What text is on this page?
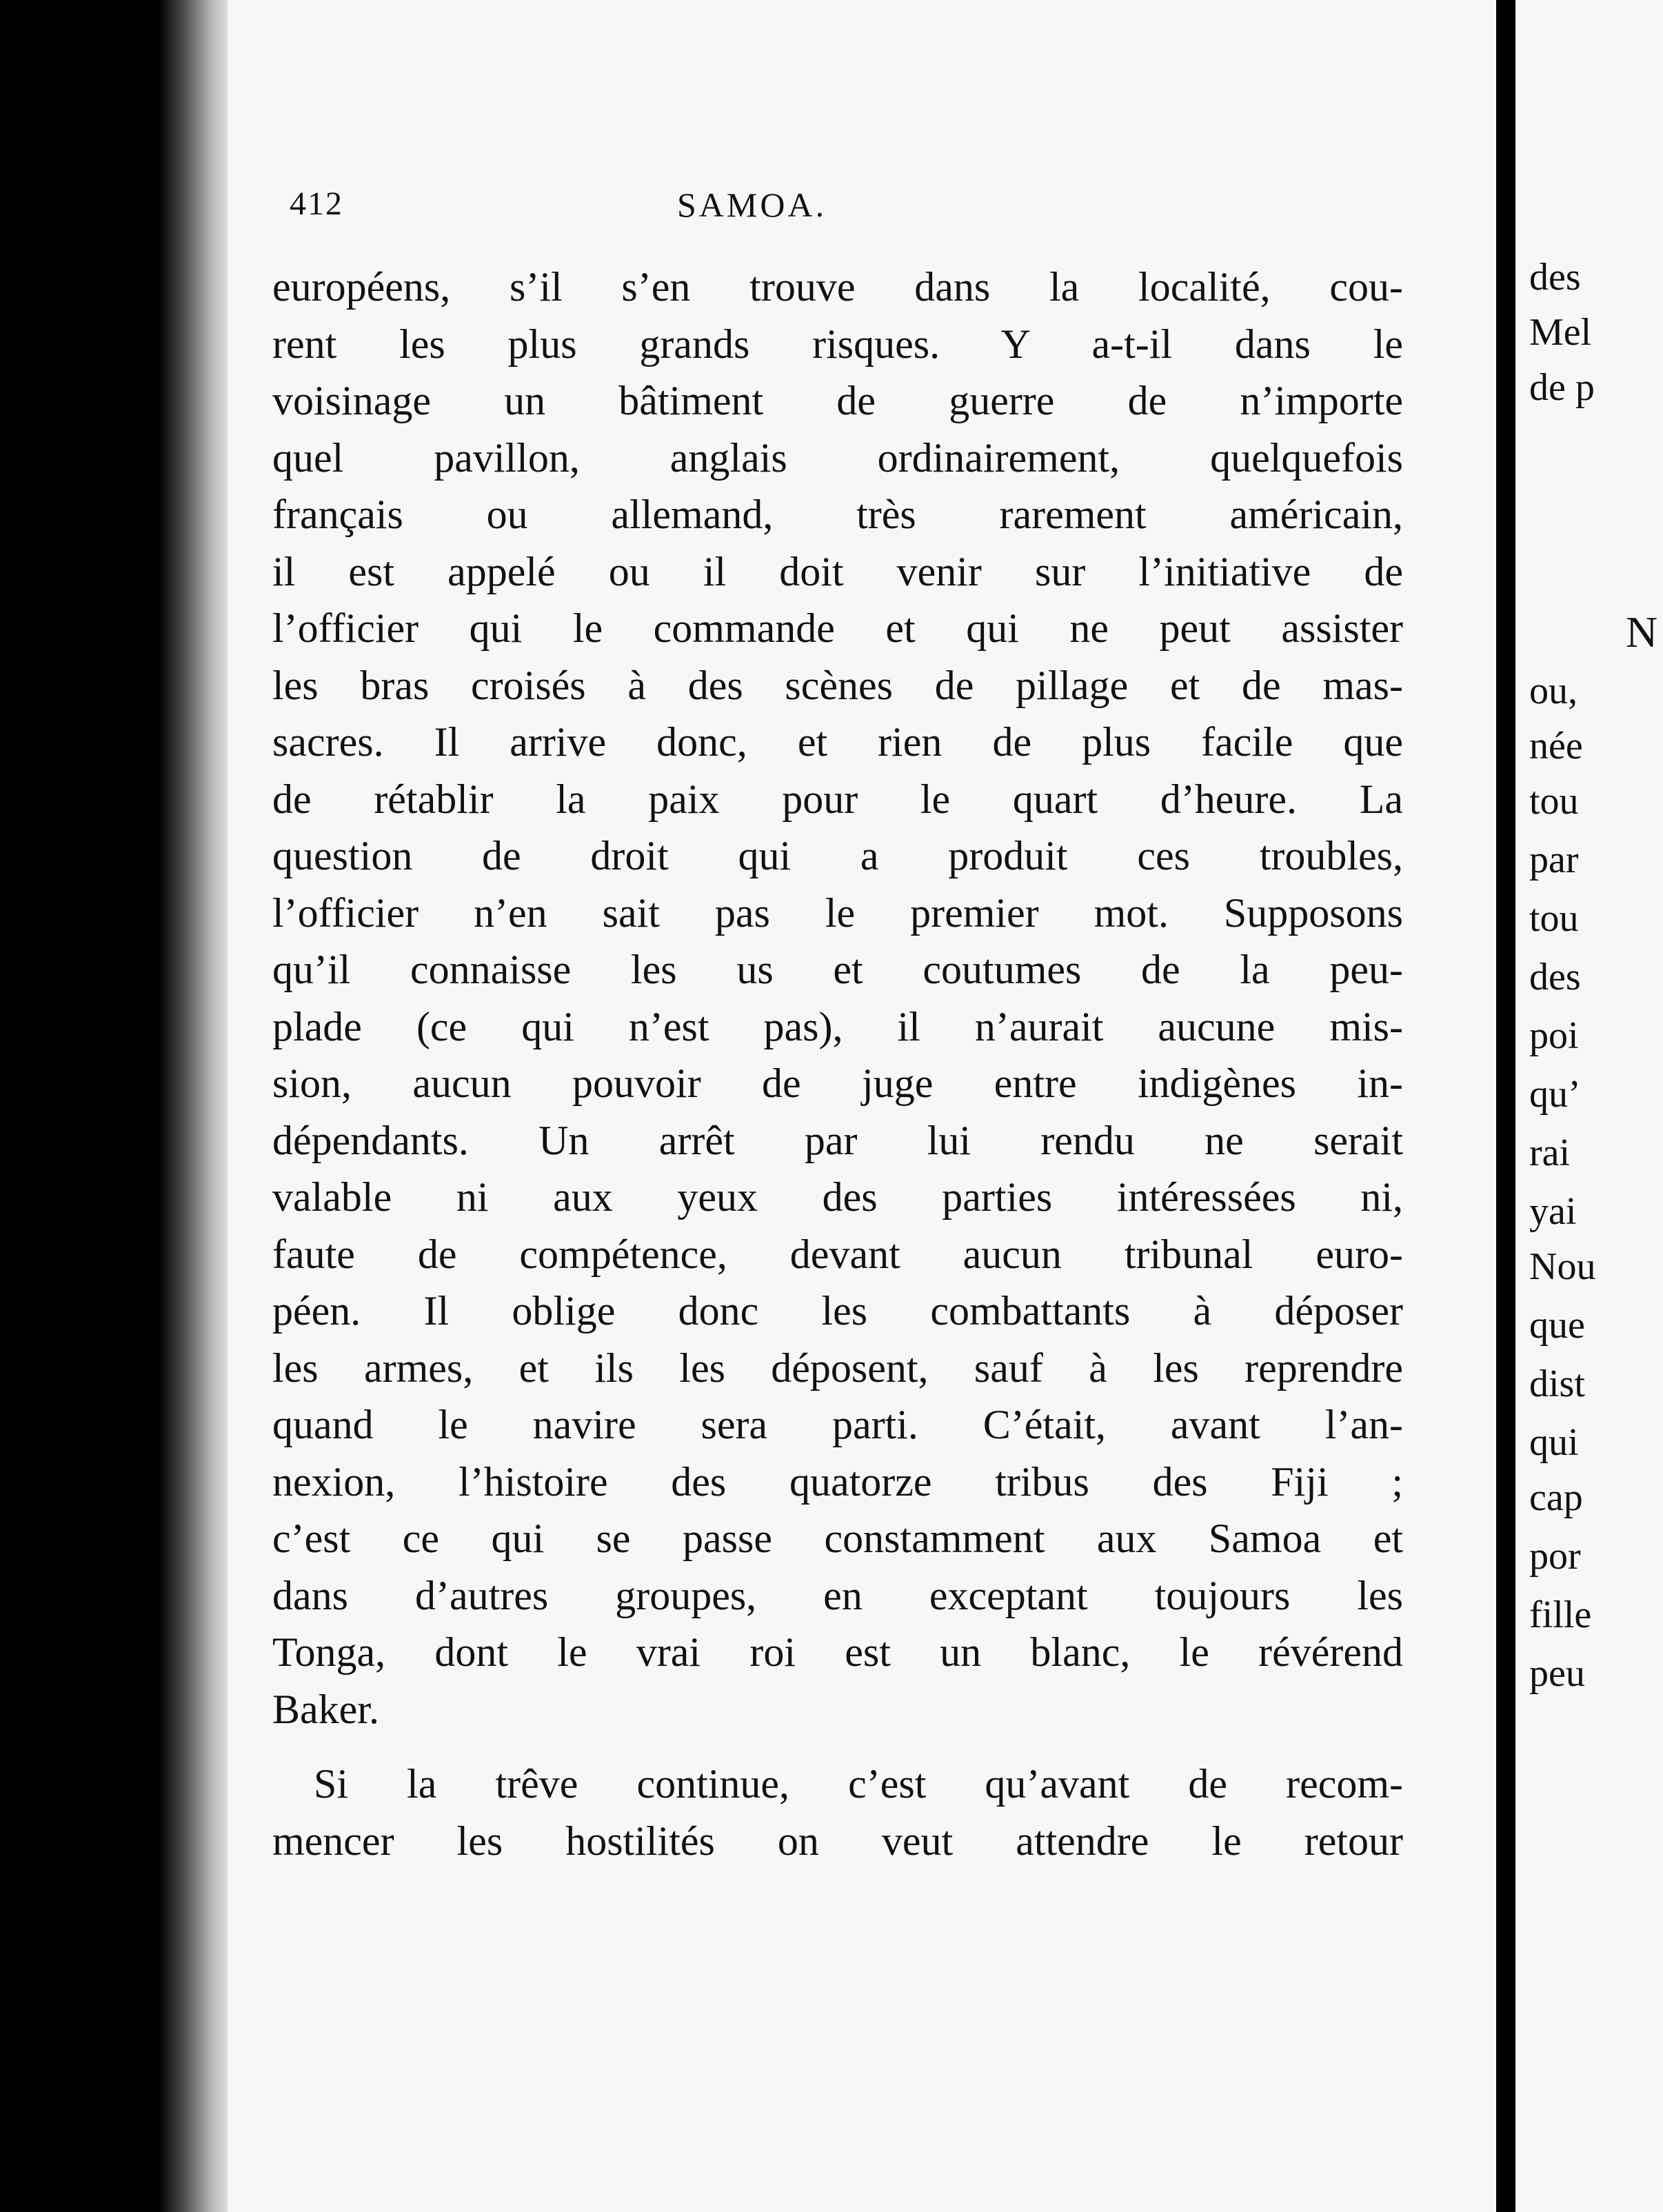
412	SAMOA.
européens, s’il s’en trouve dans la localité, cou-
rent les plus grands risques. Y a-t-il dans le
voisinage un bâtiment de guerre de n’importe
quel pavillon, anglais ordinairement, quelquefois
français ou allemand, très rarement américain,
il est appelé ou il doit venir sur l’initiative de
l’officier qui le commande et qui ne peut assister
les bras croisés à des scènes de pillage et de mas-
sacres. Il arrive donc, et rien de plus facile que
de rétablir la paix pour le quart d’heure. La
question de droit qui a produit ces troubles,
l’officier n’en sait pas le premier mot. Supposons
qu’il connaisse les us et coutumes de la peu-
plade (ce qui n’est pas), il n’aurait aucune mis-
sion, aucun pouvoir de juge entre indigènes in-
dépendants. Un arrêt par lui rendu ne serait
valable ni aux yeux des parties intéressées ni,
faute de compétence, devant aucun tribunal euro-
péen. Il oblige donc les combattants à déposer
les armes, et ils les déposent, sauf à les reprendre
quand le navire sera parti. C’était, avant l’an-
nexion, l’histoire des quatorze tribus des Fiji ;
c’est ce qui se passe constamment aux Samoa et
dans d’autres groupes, en exceptant toujours les
Tonga, dont le vrai roi est un blanc, le révérend
Baker.
Si la trêve continue, c’est qu’avant de recom-
mencer les hostilités on veut attendre le retour
des
Mel
de p
N
ou,
née
tou
par
tou
des
poi
qu’
rai
yai
Nou
que
dist
qui
cap
por
fille
peu
